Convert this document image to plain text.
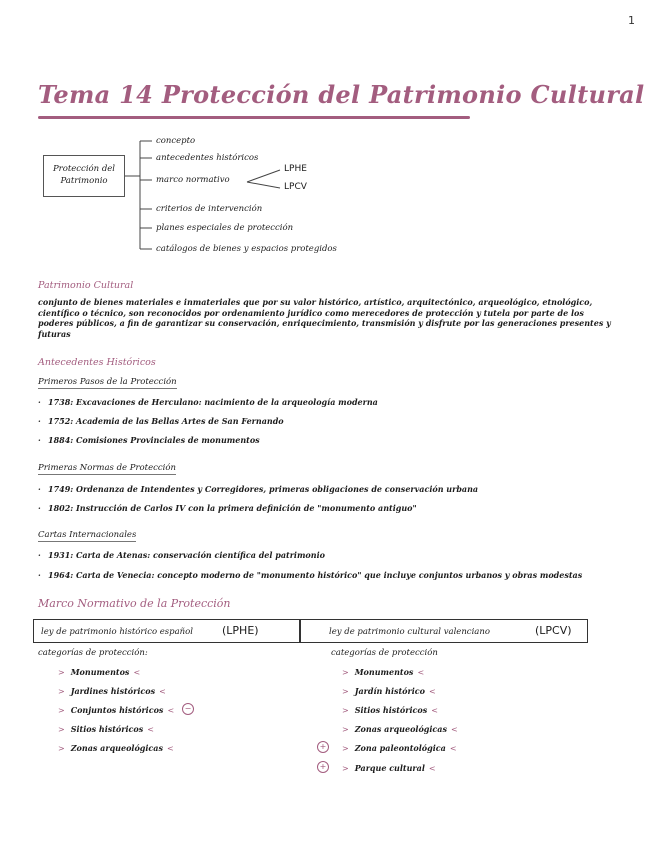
1
Tema 14 Protección del Patrimonio Cultural
Protección del Patrimonio
concepto
antecedentes históricos
marco normativo
criterios de intervención
planes especiales de protección
catálogos de bienes y espacios protegidos
LPHE
LPCV
Patrimonio Cultural
conjunto de bienes materiales e inmateriales que por su valor histórico, artístico, arquitectónico, arqueológico, etnológico, científico o técnico, son reconocidos por ordenamiento jurídico como merecedores de protección y tutela por parte de los poderes públicos, a fin de garantizar su conservación, enriquecimiento, transmisión y disfrute por las generaciones presentes y futuras
Antecedentes Históricos
Primeros Pasos de la Protección
· 1738: Excavaciones de Herculano: nacimiento de la arqueología moderna
· 1752: Academia de las Bellas Artes de San Fernando
· 1884: Comisiones Provinciales de monumentos
Primeras Normas de Protección
· 1749: Ordenanza de Intendentes y Corregidores, primeras obligaciones de conservación urbana
· 1802: Instrucción de Carlos IV con la primera definición de "monumento antiguo"
Cartas Internacionales
· 1931: Carta de Atenas: conservación científica del patrimonio
· 1964: Carta de Venecia: concepto moderno de "monumento histórico" que incluye conjuntos urbanos y obras modestas
Marco Normativo de la Protección
ley de patrimonio histórico español	(LPHE)	ley de patrimonio cultural valenciano	(LPCV)
categorías de protección:
> Monumentos <
> Jardines históricos <
> Conjuntos históricos <	−
> Sitios históricos <
> Zonas arqueológicas <
categorías de protección
> Monumentos <
> Jardín histórico <
> Sitios históricos <
> Zonas arqueológicas <
+	> Zona paleontológica <
+	> Parque cultural <
